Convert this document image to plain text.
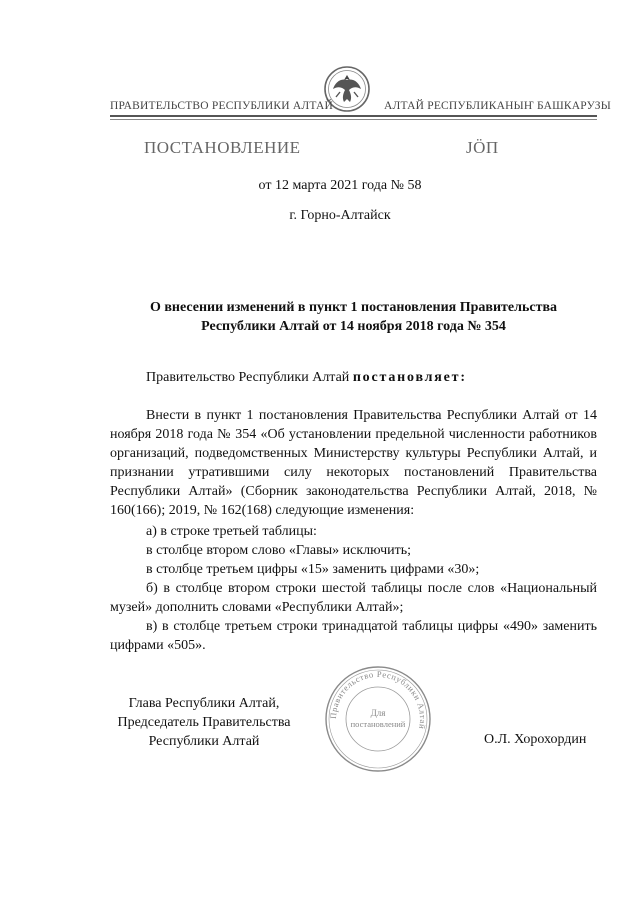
ПРАВИТЕЛЬСТВО РЕСПУБЛИКИ АЛТАЙ	АЛТАЙ РЕСПУБЛИКАНЫҤ БАШКАРУЗЫ
ПОСТАНОВЛЕНИЕ	ЈӦП
от 12 марта 2021 года № 58
г. Горно-Алтайск
О внесении изменений в пункт 1 постановления Правительства
Республики Алтай от 14 ноября 2018 года № 354
Правительство Республики Алтай постановляет:
Внести в пункт 1 постановления Правительства Республики Алтай от 14 ноября 2018 года № 354 «Об установлении предельной численности работников организаций, подведомственных Министерству культуры Республики Алтай, и признании утратившими силу некоторых постановлений Правительства Республики Алтай» (Сборник законодательства Республики Алтай, 2018, № 160(166); 2019, № 162(168) следующие изменения:
а) в строке третьей таблицы:
в столбце втором слово «Главы» исключить;
в столбце третьем цифры «15» заменить цифрами «30»;
б) в столбце втором строки шестой таблицы после слов «Национальный музей» дополнить словами «Республики Алтай»;
в) в столбце третьем строки тринадцатой таблицы цифры «490» заменить цифрами «505».
Глава Республики Алтай,
Председатель Правительства
Республики Алтай	О.Л. Хорохордин
Правительство Республики Алтай
Для
постановлений
